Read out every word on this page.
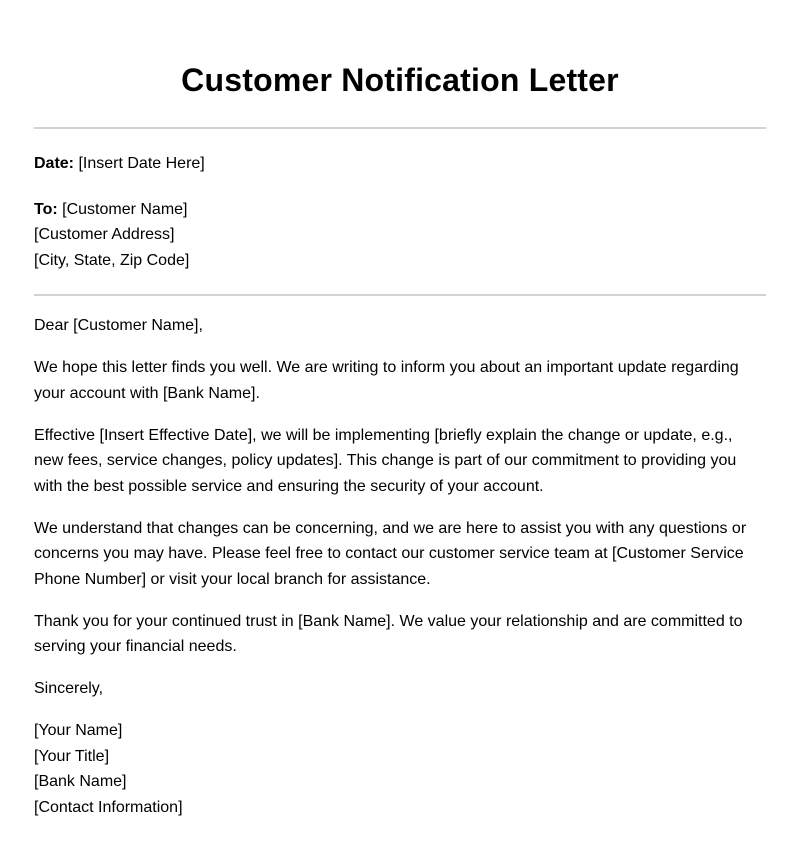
Customer Notification Letter
Date: [Insert Date Here]
To: [Customer Name]
[Customer Address]
[City, State, Zip Code]

Dear [Customer Name],

We hope this letter finds you well. We are writing to inform you about an important update regarding your account with [Bank Name].

Effective [Insert Effective Date], we will be implementing [briefly explain the change or update, e.g., new fees, service changes, policy updates]. This change is part of our commitment to providing you with the best possible service and ensuring the security of your account.

We understand that changes can be concerning, and we are here to assist you with any questions or concerns you may have. Please feel free to contact our customer service team at [Customer Service Phone Number] or visit your local branch for assistance.

Thank you for your continued trust in [Bank Name]. We value your relationship and are committed to serving your financial needs.

Sincerely,

[Your Name]
[Your Title]
[Bank Name]
[Contact Information]
